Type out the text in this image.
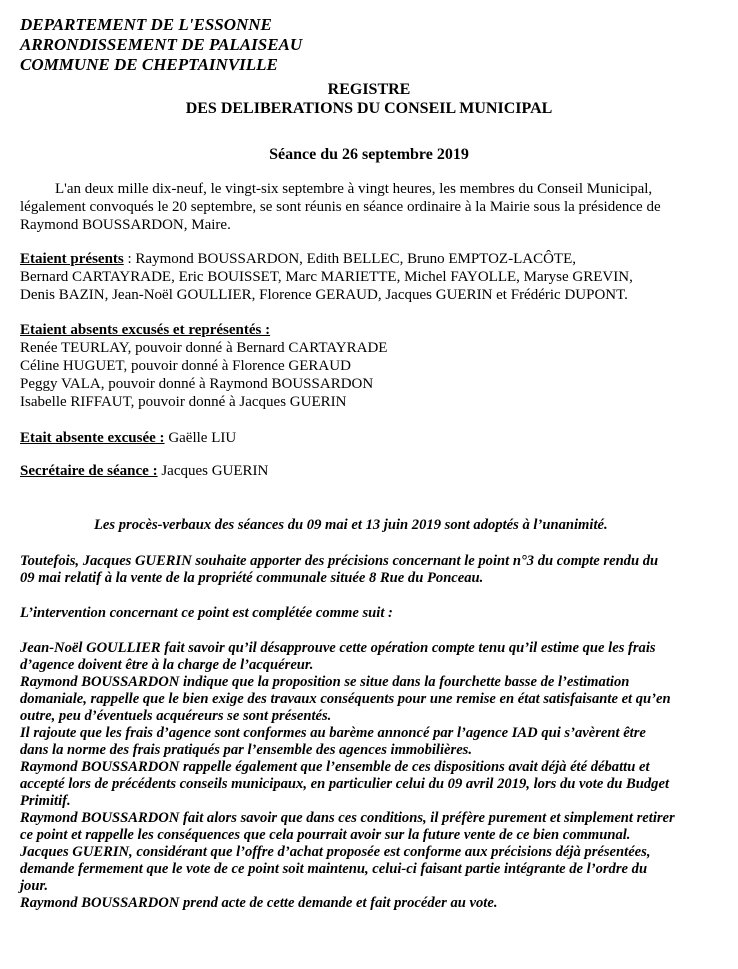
DEPARTEMENT DE L'ESSONNE
ARRONDISSEMENT DE PALAISEAU
COMMUNE DE CHEPTAINVILLE
REGISTRE
DES DELIBERATIONS DU CONSEIL MUNICIPAL
Séance du 26 septembre 2019
L'an deux mille dix-neuf, le vingt-six septembre à vingt heures, les membres du Conseil Municipal,
légalement convoqués le 20 septembre, se sont réunis en séance ordinaire à la Mairie sous la présidence de
Raymond BOUSSARDON, Maire.
Etaient présents : Raymond BOUSSARDON, Edith BELLEC, Bruno EMPTOZ-LACÔTE,
Bernard CARTAYRADE, Eric BOUISSET, Marc MARIETTE, Michel FAYOLLE, Maryse GREVIN,
Denis BAZIN, Jean-Noël GOULLIER, Florence GERAUD, Jacques GUERIN et Frédéric DUPONT.
Etaient absents excusés et représentés :
Renée TEURLAY, pouvoir donné à Bernard CARTAYRADE
Céline HUGUET, pouvoir donné à Florence GERAUD
Peggy VALA, pouvoir donné à Raymond BOUSSARDON
Isabelle RIFFAUT, pouvoir donné à Jacques GUERIN
Etait absente excusée : Gaëlle LIU
Secrétaire de séance : Jacques GUERIN
Les procès-verbaux des séances du 09 mai et 13 juin 2019 sont adoptés à l’unanimité.
Toutefois, Jacques GUERIN souhaite apporter des précisions concernant le point n°3 du compte rendu du
09 mai relatif à la vente de la propriété communale située 8 Rue du Ponceau.
L’intervention concernant ce point est complétée comme suit :
Jean-Noël GOULLIER fait savoir qu’il désapprouve cette opération compte tenu qu’il estime que les frais
d’agence doivent être à la charge de l’acquéreur.
Raymond BOUSSARDON indique que la proposition se situe dans la fourchette basse de l’estimation
domaniale, rappelle que le bien exige des travaux conséquents pour une remise en état satisfaisante et qu’en
outre, peu d’éventuels acquéreurs se sont présentés.
Il rajoute que les frais d’agence sont conformes au barème annoncé par l’agence IAD qui s’avèrent être
dans la norme des frais pratiqués par l’ensemble des agences immobilières.
Raymond BOUSSARDON rappelle également que l’ensemble de ces dispositions avait déjà été débattu et
accepté lors de précédents conseils municipaux, en particulier celui du 09 avril 2019, lors du vote du Budget
Primitif.
Raymond BOUSSARDON fait alors savoir que dans ces conditions, il préfère purement et simplement retirer
ce point et rappelle les conséquences que cela pourrait avoir sur la future vente de ce bien communal.
Jacques GUERIN, considérant que l’offre d’achat proposée est conforme aux précisions déjà présentées,
demande fermement que le vote de ce point soit maintenu, celui-ci faisant partie intégrante de l’ordre du
jour.
Raymond BOUSSARDON prend acte de cette demande et fait procéder au vote.
